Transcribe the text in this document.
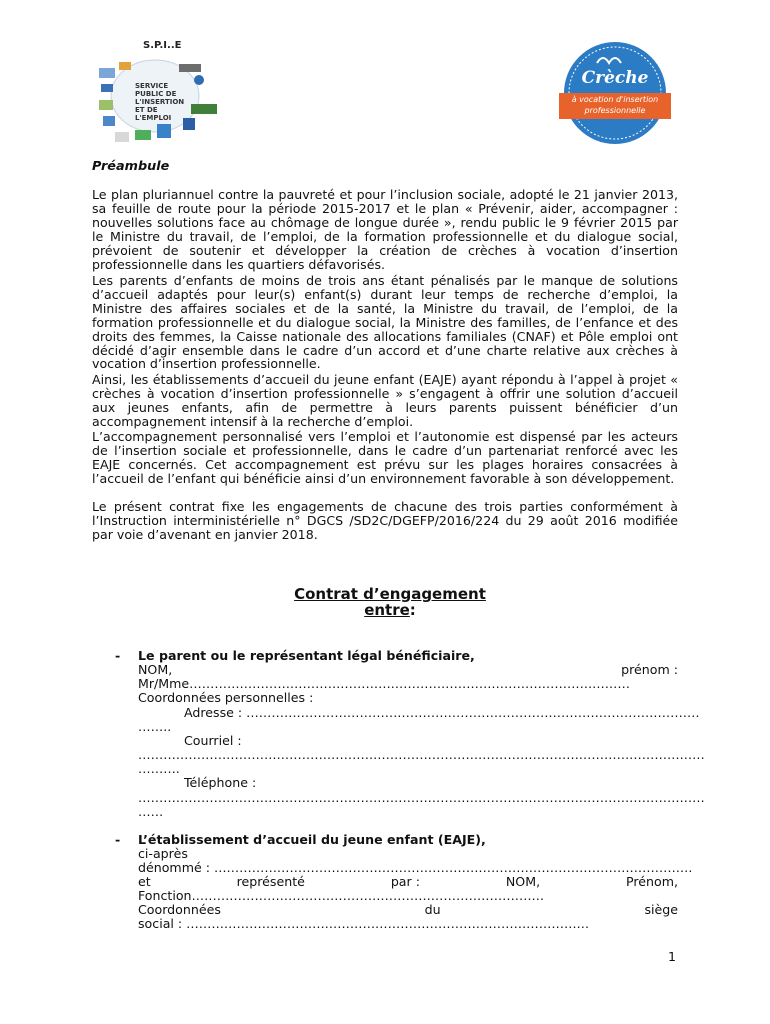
S.P.I..E
SERVICE
PUBLIC DE
L'INSERTION
ET DE
L'EMPLOI
Crèche
à vocation d'insertion
professionnelle
Préambule

Le plan pluriannuel contre la pauvreté et pour l’inclusion sociale, adopté le 21 janvier 2013, sa feuille de route pour la période 2015-2017 et le plan « Prévenir, aider, accompagner : nouvelles solutions face au chômage de longue durée », rendu public le 9 février 2015 par le Ministre du travail, de l’emploi, de la formation professionnelle et du dialogue social, prévoient de soutenir et développer la création de crèches à vocation d’insertion professionnelle dans les quartiers défavorisés.

Les parents d’enfants de moins de trois ans étant pénalisés par le manque de solutions d’accueil adaptés pour leur(s) enfant(s) durant leur temps de recherche d’emploi, la Ministre des affaires sociales et de la santé, la Ministre du travail, de l’emploi, de la formation professionnelle et du dialogue social, la Ministre des familles, de l’enfance et des droits des femmes, la Caisse nationale des allocations familiales (CNAF) et Pôle emploi ont décidé d’agir ensemble dans le cadre d’un accord et d’une charte relative aux crèches à vocation d’insertion professionnelle.

Ainsi, les établissements d’accueil du jeune enfant (EAJE) ayant répondu à l’appel à projet « crèches à vocation d’insertion professionnelle » s’engagent à offrir une solution d’accueil aux jeunes enfants, afin de permettre à leurs parents puissent bénéficier d’un accompagnement intensif à la recherche d’emploi.

L’accompagnement personnalisé vers l’emploi et l’autonomie est dispensé par les acteurs de l’insertion sociale et professionnelle, dans le cadre d’un partenariat renforcé avec les EAJE concernés. Cet accompagnement est prévu sur les plages horaires consacrées à l’accueil de l’enfant qui bénéficie ainsi d’un environnement favorable à son développement.

Le présent contrat fixe les engagements de chacune des trois parties conformément à l’Instruction interministérielle n° DGCS /SD2C/DGEFP/2016/224 du 29 août 2016 modifiée par voie d’avenant en janvier 2018.

Contrat d’engagement
entre:
- Le parent ou le représentant légal bénéficiaire,
NOM,	prénom :
Mr/Mme……………………………………………………………………………………………
Coordonnées personnelles :
Adresse : ………………………………………………………………………………………………
……..
Courriel :
………………………………………………………………………………………………………………………
……….
Téléphone :
………………………………………………………………………………………………………………………
……
- L’établissement d’accueil du jeune enfant (EAJE),
ci-après
dénommé : ……………………………………………………………………………………………………
et	représenté	par :	NOM,	Prénom,
Fonction…………………………………………………………………………
Coordonnées	du	siège
social : ……………………………………………………………………………………
1
